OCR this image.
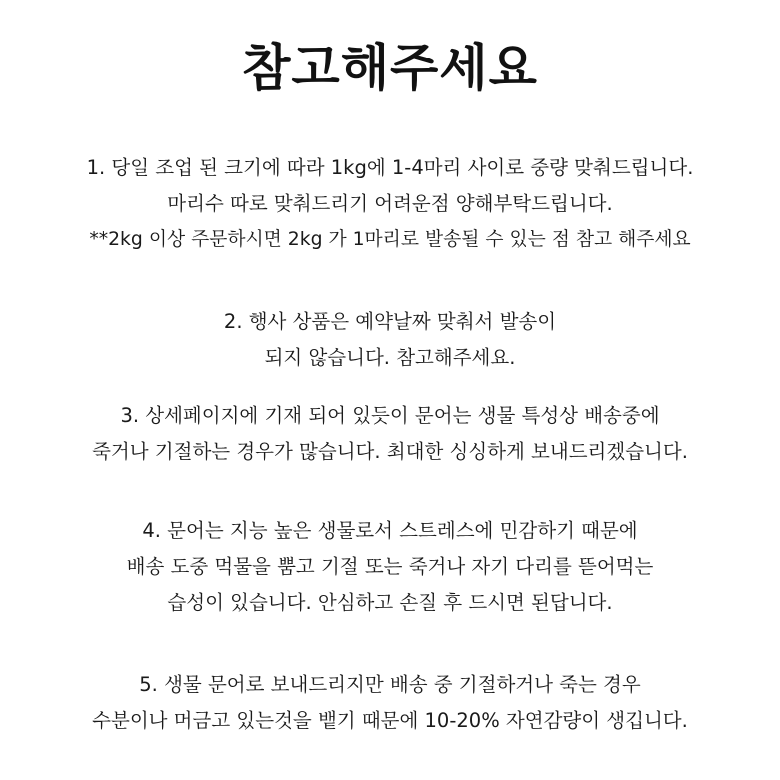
참고해주세요
1. 당일 조업 된 크기에 따라 1kg에 1-4마리 사이로 중량 맞춰드립니다.
마리수 따로 맞춰드리기 어려운점 양해부탁드립니다.
**2kg 이상 주문하시면 2kg 가 1마리로 발송될 수 있는 점 참고 해주세요
2. 행사 상품은 예약날짜 맞춰서 발송이
되지 않습니다. 참고해주세요.
3. 상세페이지에 기재 되어 있듯이 문어는 생물 특성상 배송중에
죽거나 기절하는 경우가 많습니다. 최대한 싱싱하게 보내드리겠습니다.
4. 문어는 지능 높은 생물로서 스트레스에 민감하기 때문에
배송 도중 먹물을 뿜고 기절 또는 죽거나 자기 다리를 뜯어먹는
습성이 있습니다. 안심하고 손질 후 드시면 된답니다.
5. 생물 문어로 보내드리지만 배송 중 기절하거나 죽는 경우
수분이나 머금고 있는것을 뱉기 때문에 10-20% 자연감량이 생깁니다.
